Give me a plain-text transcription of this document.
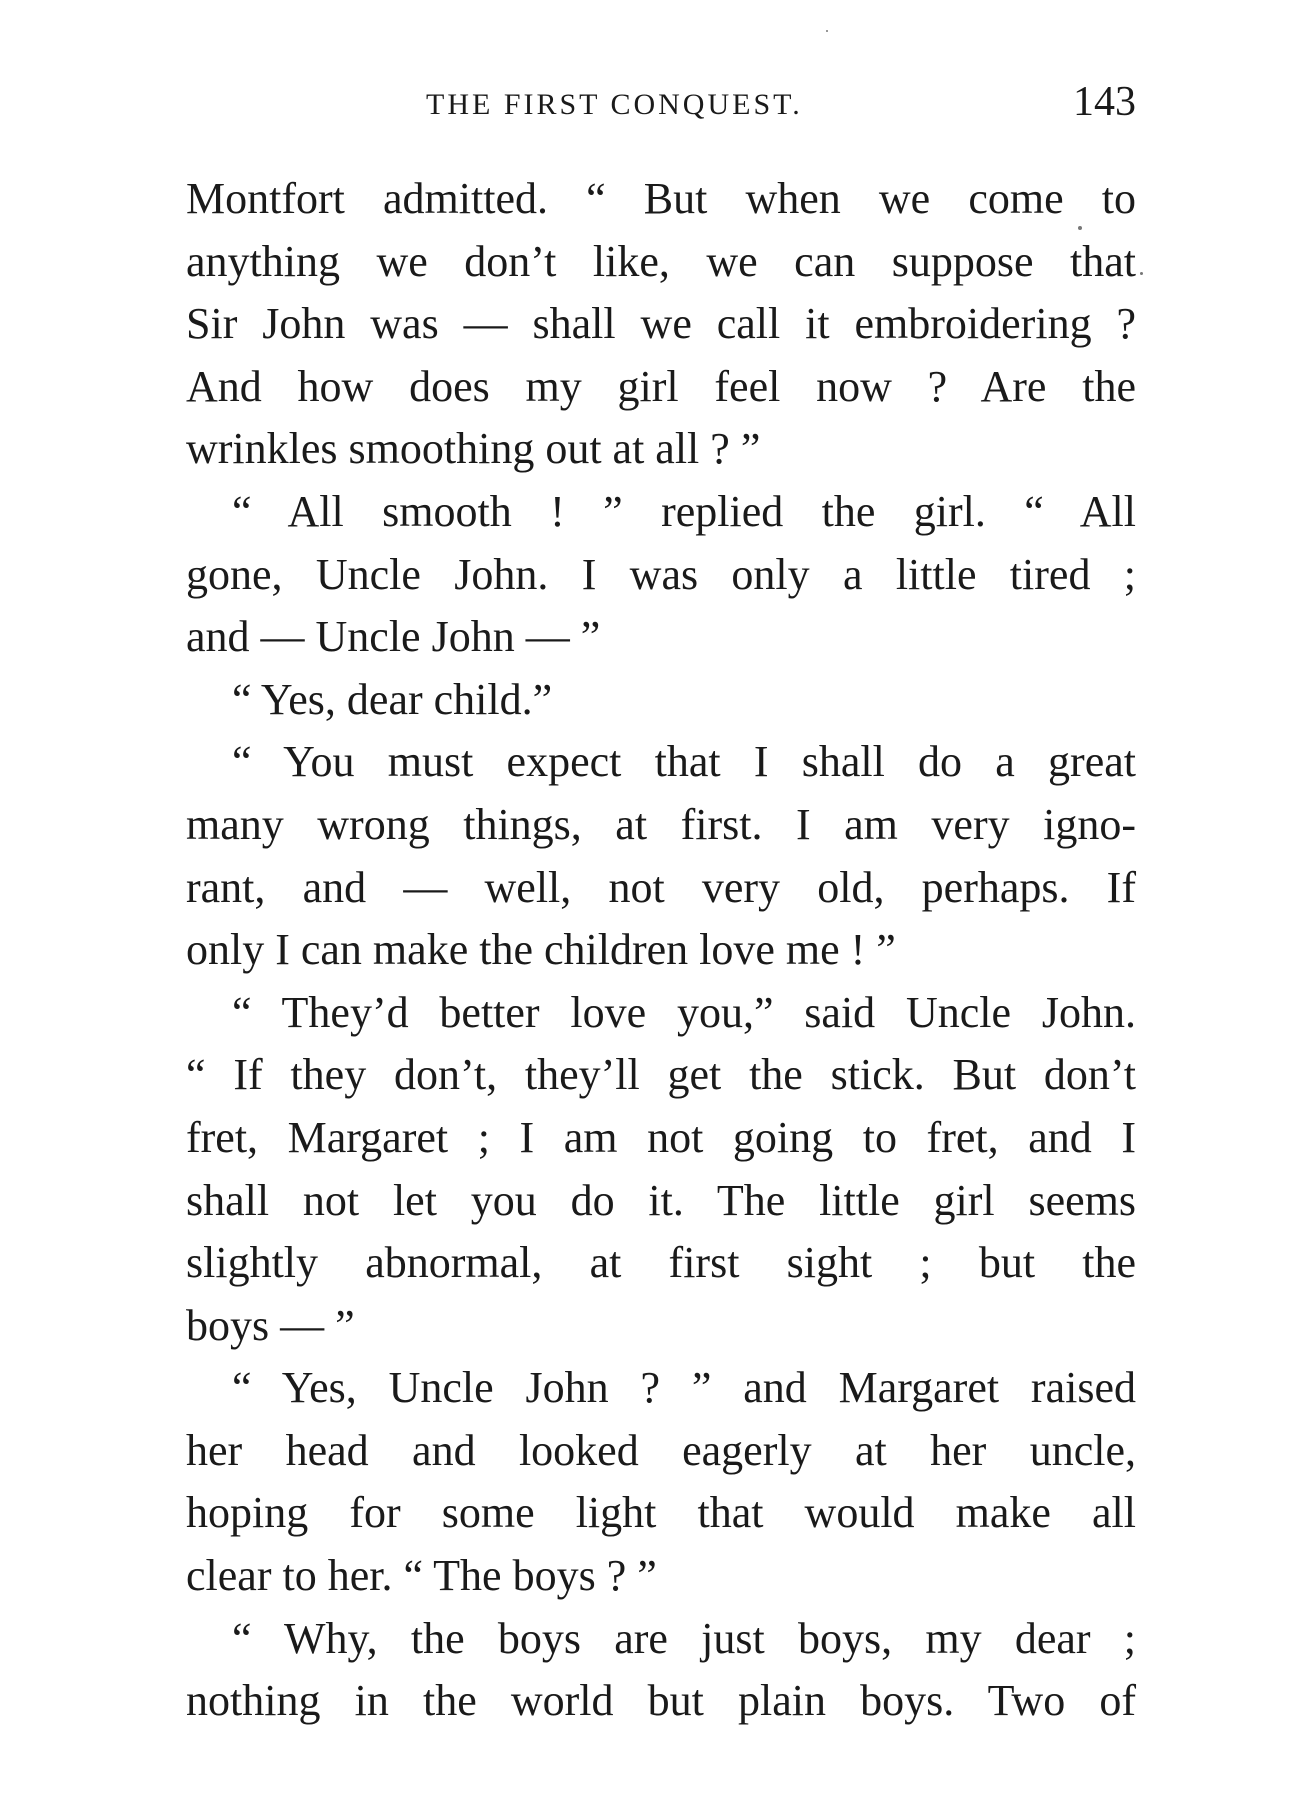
THE FIRST CONQUEST.	143
Montfort admitted. “ But when we come to
anything we don’t like, we can suppose that
Sir John was — shall we call it embroidering ?
And how does my girl feel now ? Are the
wrinkles smoothing out at all ? ”
“ All smooth ! ” replied the girl. “ All
gone, Uncle John. I was only a little tired ;
and — Uncle John — ”
“ Yes, dear child.”
“ You must expect that I shall do a great
many wrong things, at first. I am very igno-
rant, and — well, not very old, perhaps. If
only I can make the children love me ! ”
“ They’d better love you,” said Uncle John.
“ If they don’t, they’ll get the stick. But don’t
fret, Margaret ; I am not going to fret, and I
shall not let you do it. The little girl seems
slightly abnormal, at first sight ; but the
boys — ”
“ Yes, Uncle John ? ” and Margaret raised
her head and looked eagerly at her uncle,
hoping for some light that would make all
clear to her. “ The boys ? ”
“ Why, the boys are just boys, my dear ;
nothing in the world but plain boys. Two of
